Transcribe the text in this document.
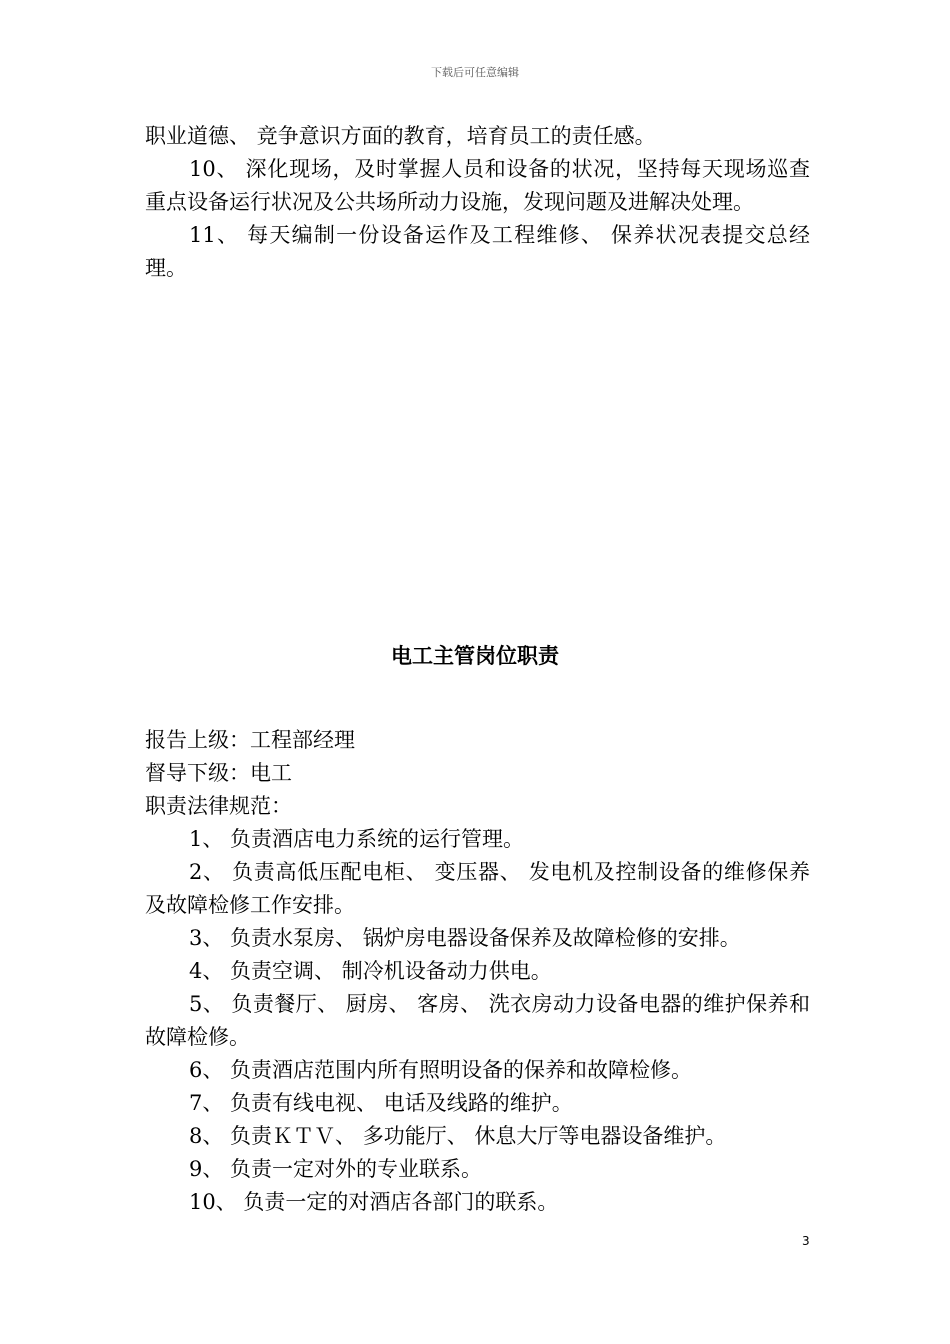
下载后可任意编辑

职业道德、 竞争意识方面的教育，培育员工的责任感。

10、 深化现场，及时掌握人员和设备的状况，坚持每天现场巡查重点设备运行状况及公共场所动力设施，发现问题及进解决处理。

11、 每天编制一份设备运作及工程维修、 保养状况表提交总经理。

电工主管岗位职责

报告上级：工程部经理

督导下级：电工

职责法律规范：

1、 负责酒店电力系统的运行管理。

2、 负责高低压配电柜、 变压器、 发电机及控制设备的维修保养及故障检修工作安排。

3、 负责水泵房、 锅炉房电器设备保养及故障检修的安排。

4、 负责空调、 制冷机设备动力供电。

5、 负责餐厅、 厨房、 客房、 洗衣房动力设备电器的维护保养和故障检修。

6、 负责酒店范围内所有照明设备的保养和故障检修。

7、 负责有线电视、 电话及线路的维护。

8、 负责ＫＴＶ、 多功能厅、 休息大厅等电器设备维护。

9、 负责一定对外的专业联系。

10、 负责一定的对酒店各部门的联系。

3
